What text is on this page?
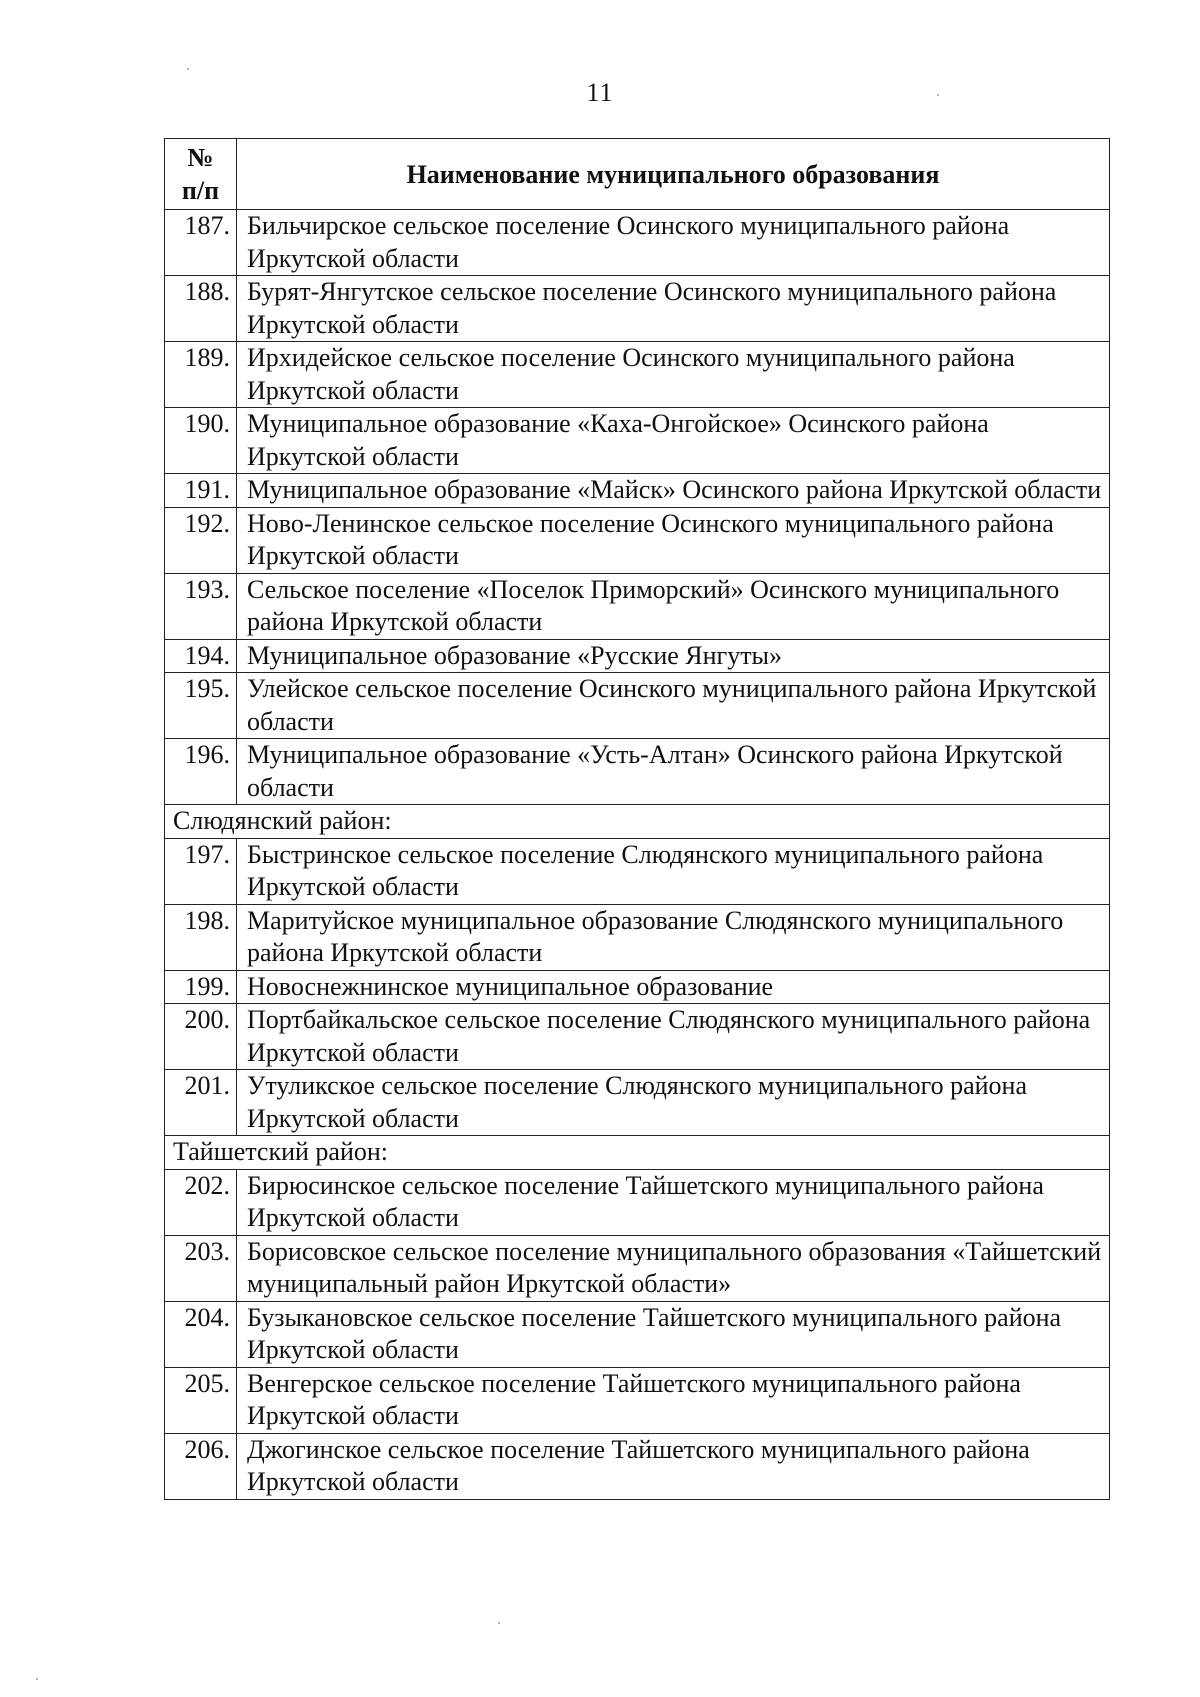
11
№
п/п	Наименование муниципального образования
187.	Бильчирское сельское поселение Осинского муниципального района Иркутской области
188.	Бурят-Янгутское сельское поселение Осинского муниципального района Иркутской области
189.	Ирхидейское сельское поселение Осинского муниципального района Иркутской области
190.	Муниципальное образование «Каха-Онгойское» Осинского района Иркутской области
191.	Муниципальное образование «Майск» Осинского района Иркутской области
192.	Ново-Ленинское сельское поселение Осинского муниципального района Иркутской области
193.	Сельское поселение «Поселок Приморский» Осинского муниципального района Иркутской области
194.	Муниципальное образование «Русские Янгуты»
195.	Улейское сельское поселение Осинского муниципального района Иркутской области
196.	Муниципальное образование «Усть-Алтан» Осинского района Иркутской области
Слюдянский район:	
197.	Быстринское сельское поселение Слюдянского муниципального района Иркутской области
198.	Маритуйское муниципальное образование Слюдянского муниципального района Иркутской области
199.	Новоснежнинское муниципальное образование
200.	Портбайкальское сельское поселение Слюдянского муниципального района Иркутской области
201.	Утуликское сельское поселение Слюдянского муниципального района Иркутской области
Тайшетский район:	
202.	Бирюсинское сельское поселение Тайшетского муниципального района Иркутской области
203.	Борисовское сельское поселение муниципального образования «Тайшетский муниципальный район Иркутской области»
204.	Бузыкановское сельское поселение Тайшетского муниципального района Иркутской области
205.	Венгерское сельское поселение Тайшетского муниципального района Иркутской области
206.	Джогинское сельское поселение Тайшетского муниципального района Иркутской области
